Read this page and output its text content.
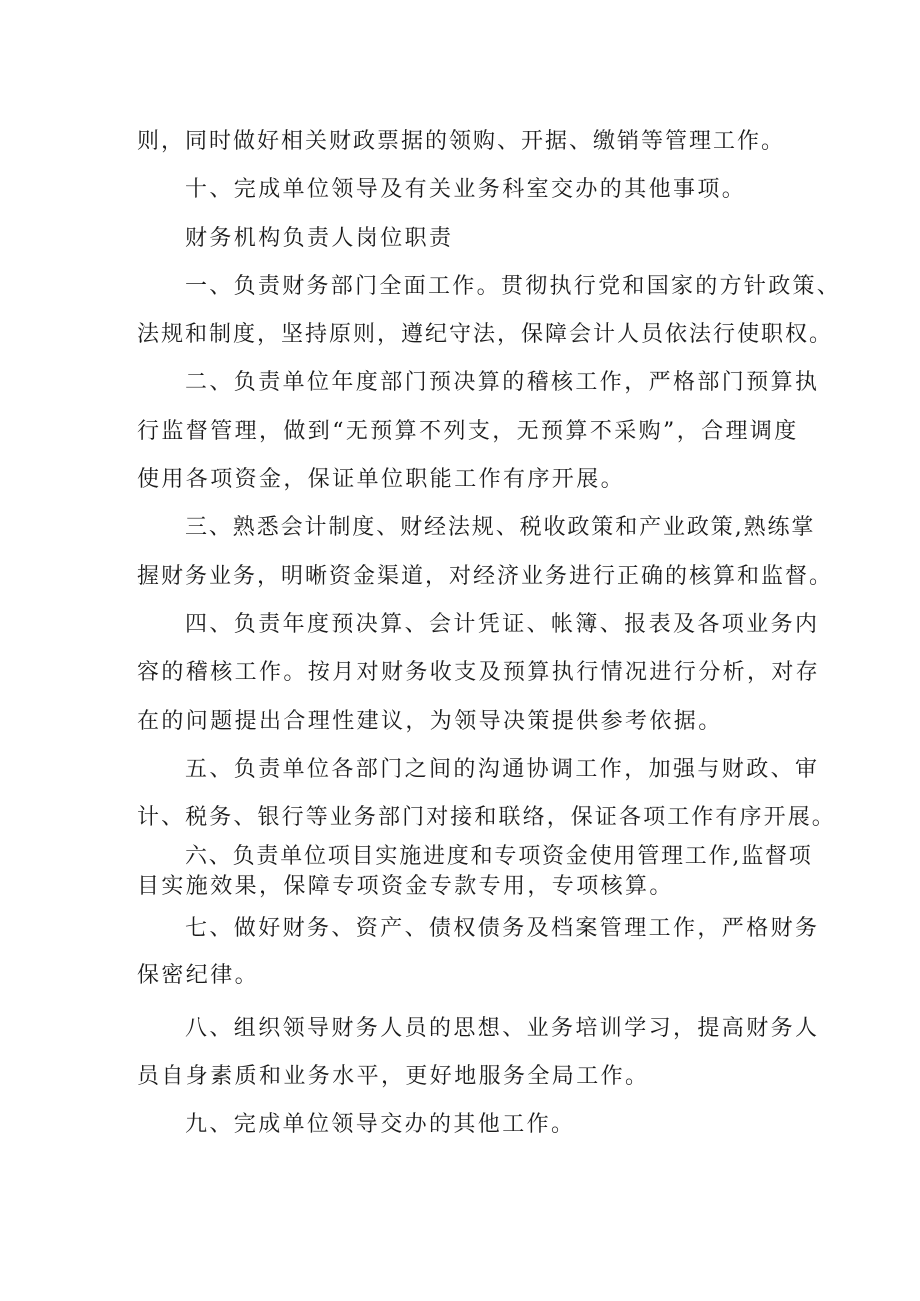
则，同时做好相关财政票据的领购、开据、缴销等管理工作。

十、完成单位领导及有关业务科室交办的其他事项。

财务机构负责人岗位职责

一、负责财务部门全面工作。贯彻执行党和国家的方针政策、

法规和制度，坚持原则，遵纪守法，保障会计人员依法行使职权。

二、负责单位年度部门预决算的稽核工作，严格部门预算执

行监督管理，做到“无预算不列支，无预算不采购”，合理调度

使用各项资金，保证单位职能工作有序开展。

三、熟悉会计制度、财经法规、税收政策和产业政策,熟练掌

握财务业务，明晰资金渠道，对经济业务进行正确的核算和监督。

四、负责年度预决算、会计凭证、帐簿、报表及各项业务内

容的稽核工作。按月对财务收支及预算执行情况进行分析，对存

在的问题提出合理性建议，为领导决策提供参考依据。

五、负责单位各部门之间的沟通协调工作，加强与财政、审

计、税务、银行等业务部门对接和联络，保证各项工作有序开展。

六、负责单位项目实施进度和专项资金使用管理工作,监督项

目实施效果，保障专项资金专款专用，专项核算。

七、做好财务、资产、债权债务及档案管理工作，严格财务

保密纪律。

八、组织领导财务人员的思想、业务培训学习，提高财务人

员自身素质和业务水平，更好地服务全局工作。

九、完成单位领导交办的其他工作。
